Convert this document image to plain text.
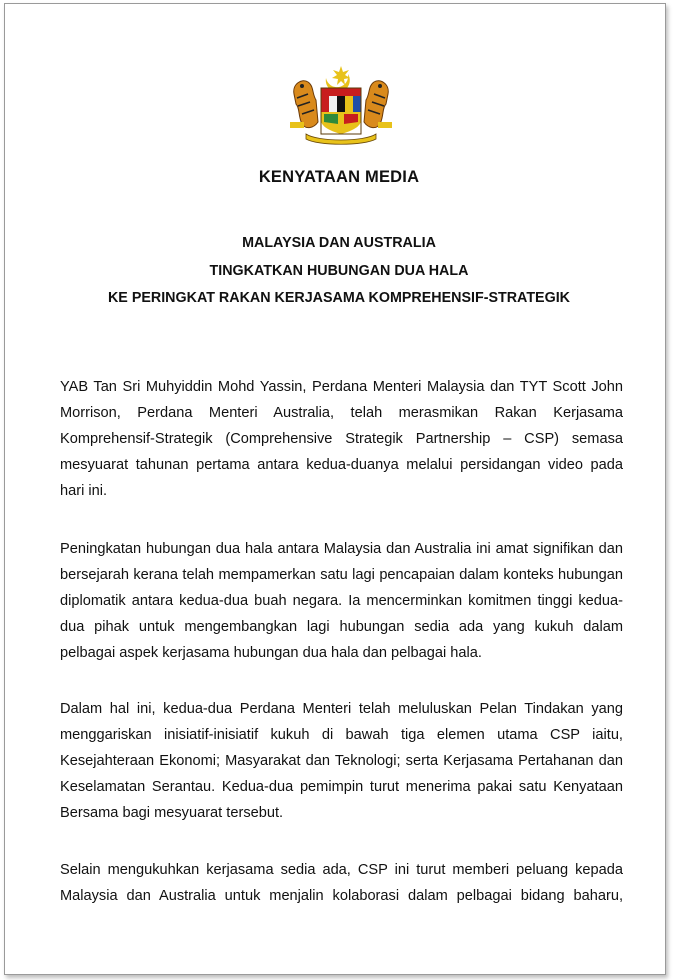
KENYATAAN MEDIA
MALAYSIA DAN AUSTRALIA
TINGKATKAN HUBUNGAN DUA HALA
KE PERINGKAT RAKAN KERJASAMA KOMPREHENSIF-STRATEGIK
YAB Tan Sri Muhyiddin Mohd Yassin, Perdana Menteri Malaysia dan TYT Scott John
Morrison, Perdana Menteri Australia, telah merasmikan Rakan Kerjasama
Komprehensif-Strategik (Comprehensive Strategik Partnership – CSP) semasa
mesyuarat tahunan pertama antara kedua-duanya melalui persidangan video pada
hari ini.
Peningkatan hubungan dua hala antara Malaysia dan Australia ini amat signifikan dan
bersejarah kerana telah mempamerkan satu lagi pencapaian dalam konteks hubungan
diplomatik antara kedua-dua buah negara. Ia mencerminkan komitmen tinggi kedua-
dua pihak untuk mengembangkan lagi hubungan sedia ada yang kukuh dalam
pelbagai aspek kerjasama hubungan dua hala dan pelbagai hala.
Dalam hal ini, kedua-dua Perdana Menteri telah meluluskan Pelan Tindakan yang
menggariskan inisiatif-inisiatif kukuh di bawah tiga elemen utama CSP iaitu,
Kesejahteraan Ekonomi; Masyarakat dan Teknologi; serta Kerjasama Pertahanan dan
Keselamatan Serantau. Kedua-dua pemimpin turut menerima pakai satu Kenyataan
Bersama bagi mesyuarat tersebut.
Selain mengukuhkan kerjasama sedia ada, CSP ini turut memberi peluang kepada
Malaysia dan Australia untuk menjalin kolaborasi dalam pelbagai bidang baharu,
